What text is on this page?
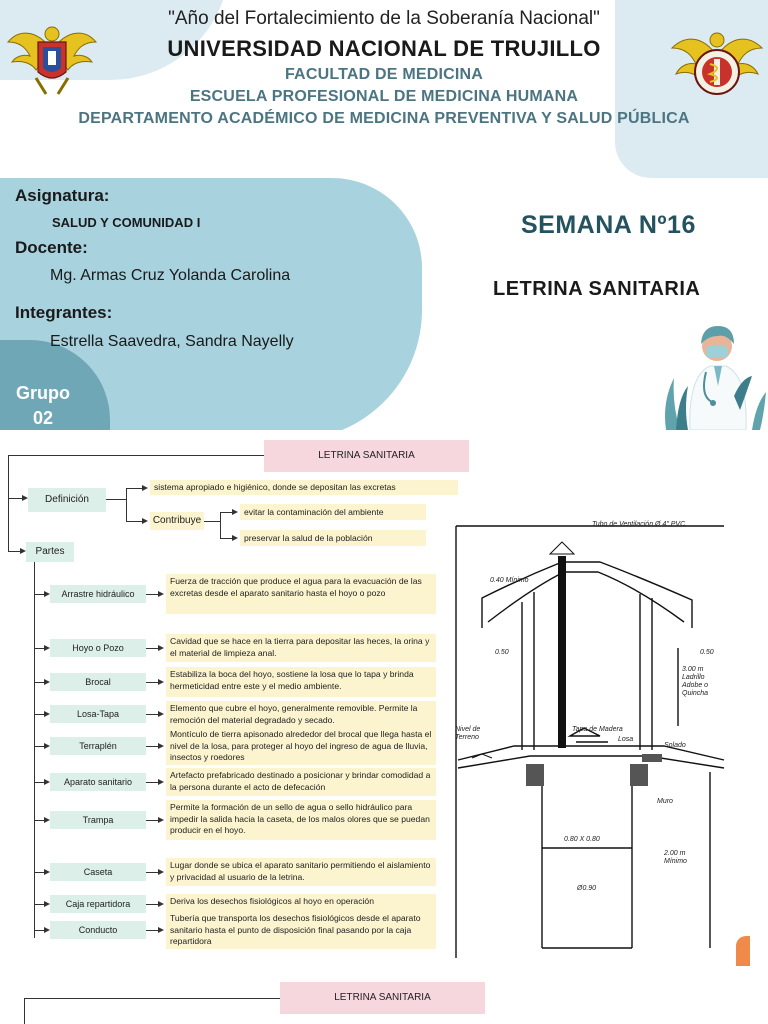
"Año del Fortalecimiento de la Soberanía Nacional"
UNIVERSIDAD NACIONAL DE TRUJILLO
FACULTAD DE MEDICINA
ESCUELA PROFESIONAL DE MEDICINA HUMANA
DEPARTAMENTO ACADÉMICO DE MEDICINA PREVENTIVA Y SALUD PÚBLICA
Asignatura:
SALUD Y COMUNIDAD I
Docente:
Mg. Armas Cruz Yolanda Carolina
Integrantes:
Estrella Saavedra, Sandra Nayelly
Grupo
02
SEMANA Nº16
LETRINA SANITARIA
LETRINA SANITARIA
Definición
sistema apropiado e higiénico, donde se depositan las excretas
Contribuye
evitar la contaminación del ambiente
preservar la salud de la población
Partes
Arrastre hidráulico
Fuerza de tracción que produce el agua para la evacuación de las excretas desde el aparato sanitario hasta el hoyo o pozo
Hoyo o Pozo
Cavidad que se hace en la tierra para depositar las heces, la orina y el material de limpieza anal.
Brocal
Estabiliza la boca del hoyo, sostiene la losa que lo tapa y brinda hermeticidad entre este y el medio ambiente.
Losa-Tapa
Elemento que cubre el hoyo, generalmente removible. Permite la remoción del material degradado y secado.
Terraplén
Montículo de tierra apisonado alrededor del brocal que llega hasta el nivel de la losa, para proteger al hoyo del ingreso de agua de lluvia, insectos y roedores
Aparato sanitario
Artefacto prefabricado destinado a posicionar y brindar comodidad a la persona durante el acto de defecación
Trampa
Permite la formación de un sello de agua o sello hidráulico para impedir la salida hacia la caseta, de los malos olores que se puedan producir en el hoyo.
Caseta
Lugar donde se ubica el aparato sanitario permitiendo el aislamiento y privacidad al usuario de la letrina.
Caja repartidora	Deriva los desechos fisiológicos al hoyo en operación
Conducto
Tubería que transporta los desechos fisiológicos desde el aparato sanitario hasta el punto de disposición final pasando por la caja repartidora
Tubo de Ventilación Ø 4" PVC.
0.40 Mínimo
0.50	0.50
3.00 m Ladrillo Adobe o Quincha
Nivel de Terreno
Tapa de Madera
Losa
Solado
Muro
0.80 X 0.80
2.00 m Mínimo
Ø0.90
LETRINA SANITARIA
